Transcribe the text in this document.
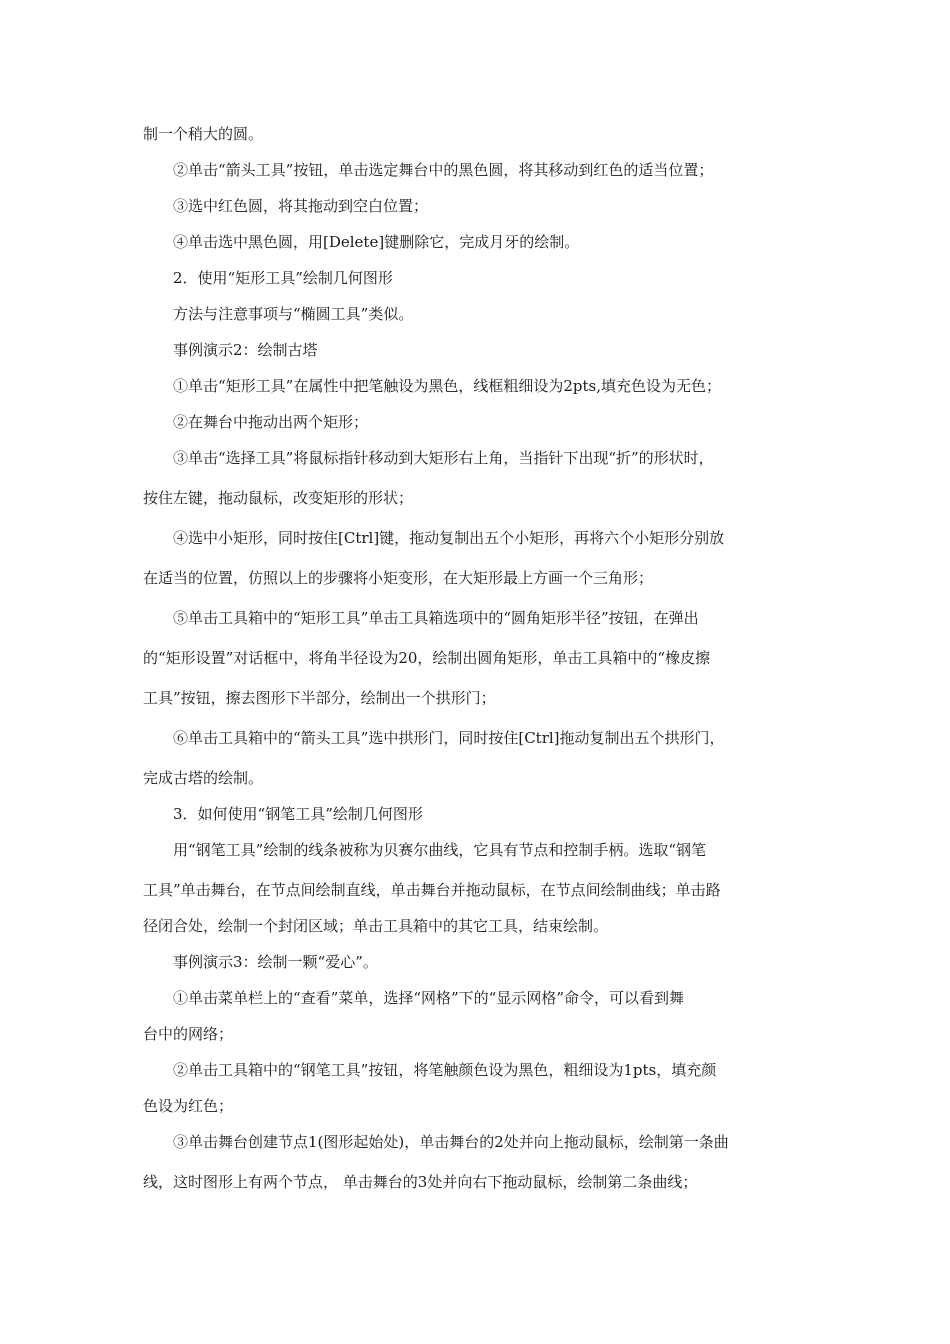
制一个稍大的圆。

②单击“箭头工具”按钮，单击选定舞台中的黑色圆，将其移动到红色的适当位置；

③选中红色圆，将其拖动到空白位置；

④单击选中黑色圆，用[Delete]键删除它，完成月牙的绘制。

2．使用“矩形工具”绘制几何图形

方法与注意事项与“椭圆工具”类似。

事例演示2：绘制古塔

①单击“矩形工具”在属性中把笔触设为黑色，线框粗细设为2pts,填充色设为无色；

②在舞台中拖动出两个矩形；

③单击“选择工具”将鼠标指针移动到大矩形右上角，当指针下出现“折”的形状时，

按住左键，拖动鼠标，改变矩形的形状；

④选中小矩形，同时按住[Ctrl]键，拖动复制出五个小矩形，再将六个小矩形分别放

在适当的位置，仿照以上的步骤将小矩变形，在大矩形最上方画一个三角形；

⑤单击工具箱中的“矩形工具”单击工具箱选项中的“圆角矩形半径”按钮，在弹出

的“矩形设置”对话框中，将角半径设为20，绘制出圆角矩形，单击工具箱中的“橡皮擦

工具”按钮，擦去图形下半部分，绘制出一个拱形门；

⑥单击工具箱中的“箭头工具”选中拱形门，同时按住[Ctrl]拖动复制出五个拱形门，

完成古塔的绘制。

3．如何使用“钢笔工具”绘制几何图形

用“钢笔工具”绘制的线条被称为贝赛尔曲线，它具有节点和控制手柄。选取“钢笔

工具”单击舞台，在节点间绘制直线，单击舞台并拖动鼠标，在节点间绘制曲线；单击路

径闭合处，绘制一个封闭区域；单击工具箱中的其它工具，结束绘制。

事例演示3：绘制一颗“爱心”。

①单击菜单栏上的“查看”菜单，选择“网格”下的“显示网格”命令，可以看到舞

台中的网络；

②单击工具箱中的“钢笔工具”按钮，将笔触颜色设为黑色，粗细设为1pts，填充颜

色设为红色；

③单击舞台创建节点1(图形起始处)，单击舞台的2处并向上拖动鼠标，绘制第一条曲

线，这时图形上有两个节点， 单击舞台的3处并向右下拖动鼠标，绘制第二条曲线；
